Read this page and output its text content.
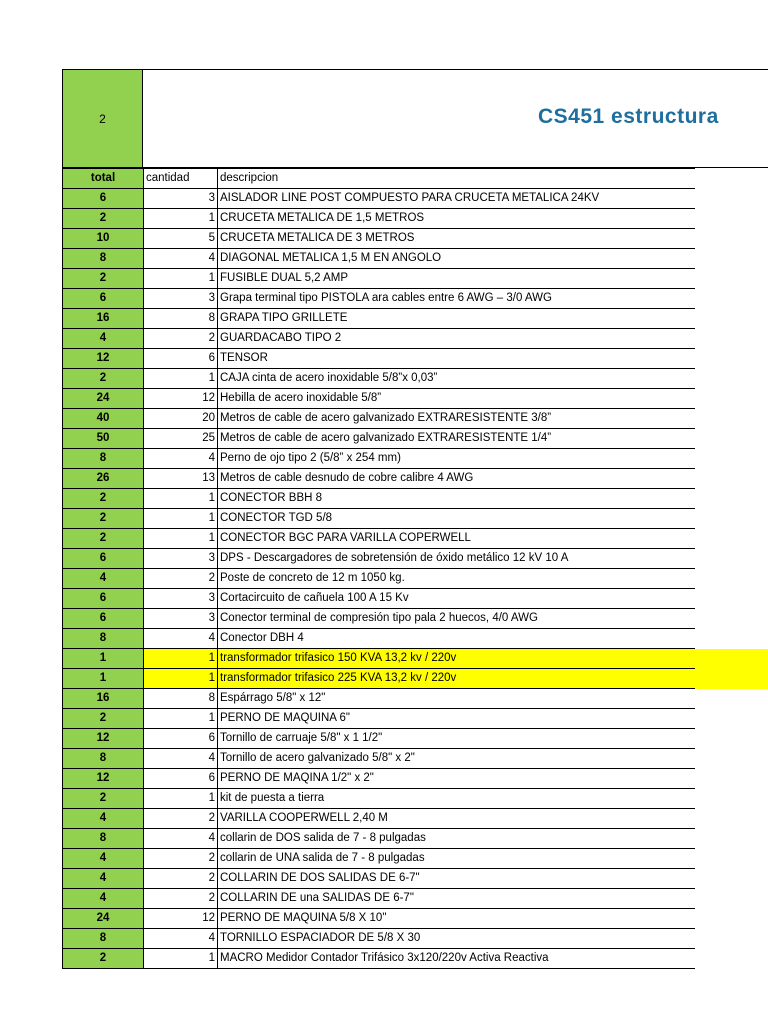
2	CS451 estructura
total	cantidad	descripcion
6	3	AISLADOR LINE POST COMPUESTO PARA CRUCETA METALICA 24KV
2	1	CRUCETA METALICA DE 1,5 METROS
10	5	CRUCETA METALICA DE 3 METROS
8	4	DIAGONAL METALICA 1,5 M EN ANGOLO
2	1	FUSIBLE DUAL 5,2 AMP
6	3	Grapa terminal tipo PISTOLA ara cables entre 6 AWG – 3/0 AWG
16	8	GRAPA TIPO GRILLETE
4	2	GUARDACABO TIPO 2
12	6	TENSOR
2	1	CAJA cinta de acero inoxidable 5/8”x 0,03”
24	12	Hebilla de acero inoxidable 5/8”
40	20	Metros de cable de acero galvanizado EXTRARESISTENTE 3/8”
50	25	Metros de cable de acero galvanizado EXTRARESISTENTE 1/4”
8	4	Perno de ojo tipo 2 (5/8” x 254 mm)
26	13	Metros de cable desnudo de cobre calibre 4 AWG
2	1	CONECTOR BBH 8
2	1	CONECTOR TGD 5/8
2	1	CONECTOR BGC PARA VARILLA COPERWELL
6	3	DPS - Descargadores de sobretensión de óxido metálico 12 kV 10 A
4	2	Poste de concreto de 12 m 1050 kg.
6	3	Cortacircuito de cañuela 100 A 15 Kv
6	3	Conector terminal de compresión tipo pala 2 huecos, 4/0 AWG
8	4	Conector DBH 4
1	1	transformador trifasico 150 KVA 13,2 kv / 220v
1	1	transformador trifasico 225 KVA 13,2 kv / 220v
16	8	Espárrago 5/8" x 12"
2	1	PERNO DE MAQUINA 6"
12	6	Tornillo de carruaje 5/8" x 1 1/2"
8	4	Tornillo de acero galvanizado 5/8" x 2"
12	6	PERNO DE MAQINA 1/2" x 2"
2	1	kit de puesta a tierra
4	2	VARILLA COOPERWELL 2,40 M
8	4	collarin de DOS salida de 7 - 8 pulgadas
4	2	collarin de UNA salida de 7 - 8 pulgadas
4	2	COLLARIN DE DOS SALIDAS DE 6-7"
4	2	COLLARIN DE una SALIDAS DE 6-7"
24	12	PERNO DE MAQUINA 5/8 X 10"
8	4	TORNILLO ESPACIADOR DE 5/8 X 30
2	1	MACRO Medidor Contador Trifásico 3x120/220v Activa Reactiva
